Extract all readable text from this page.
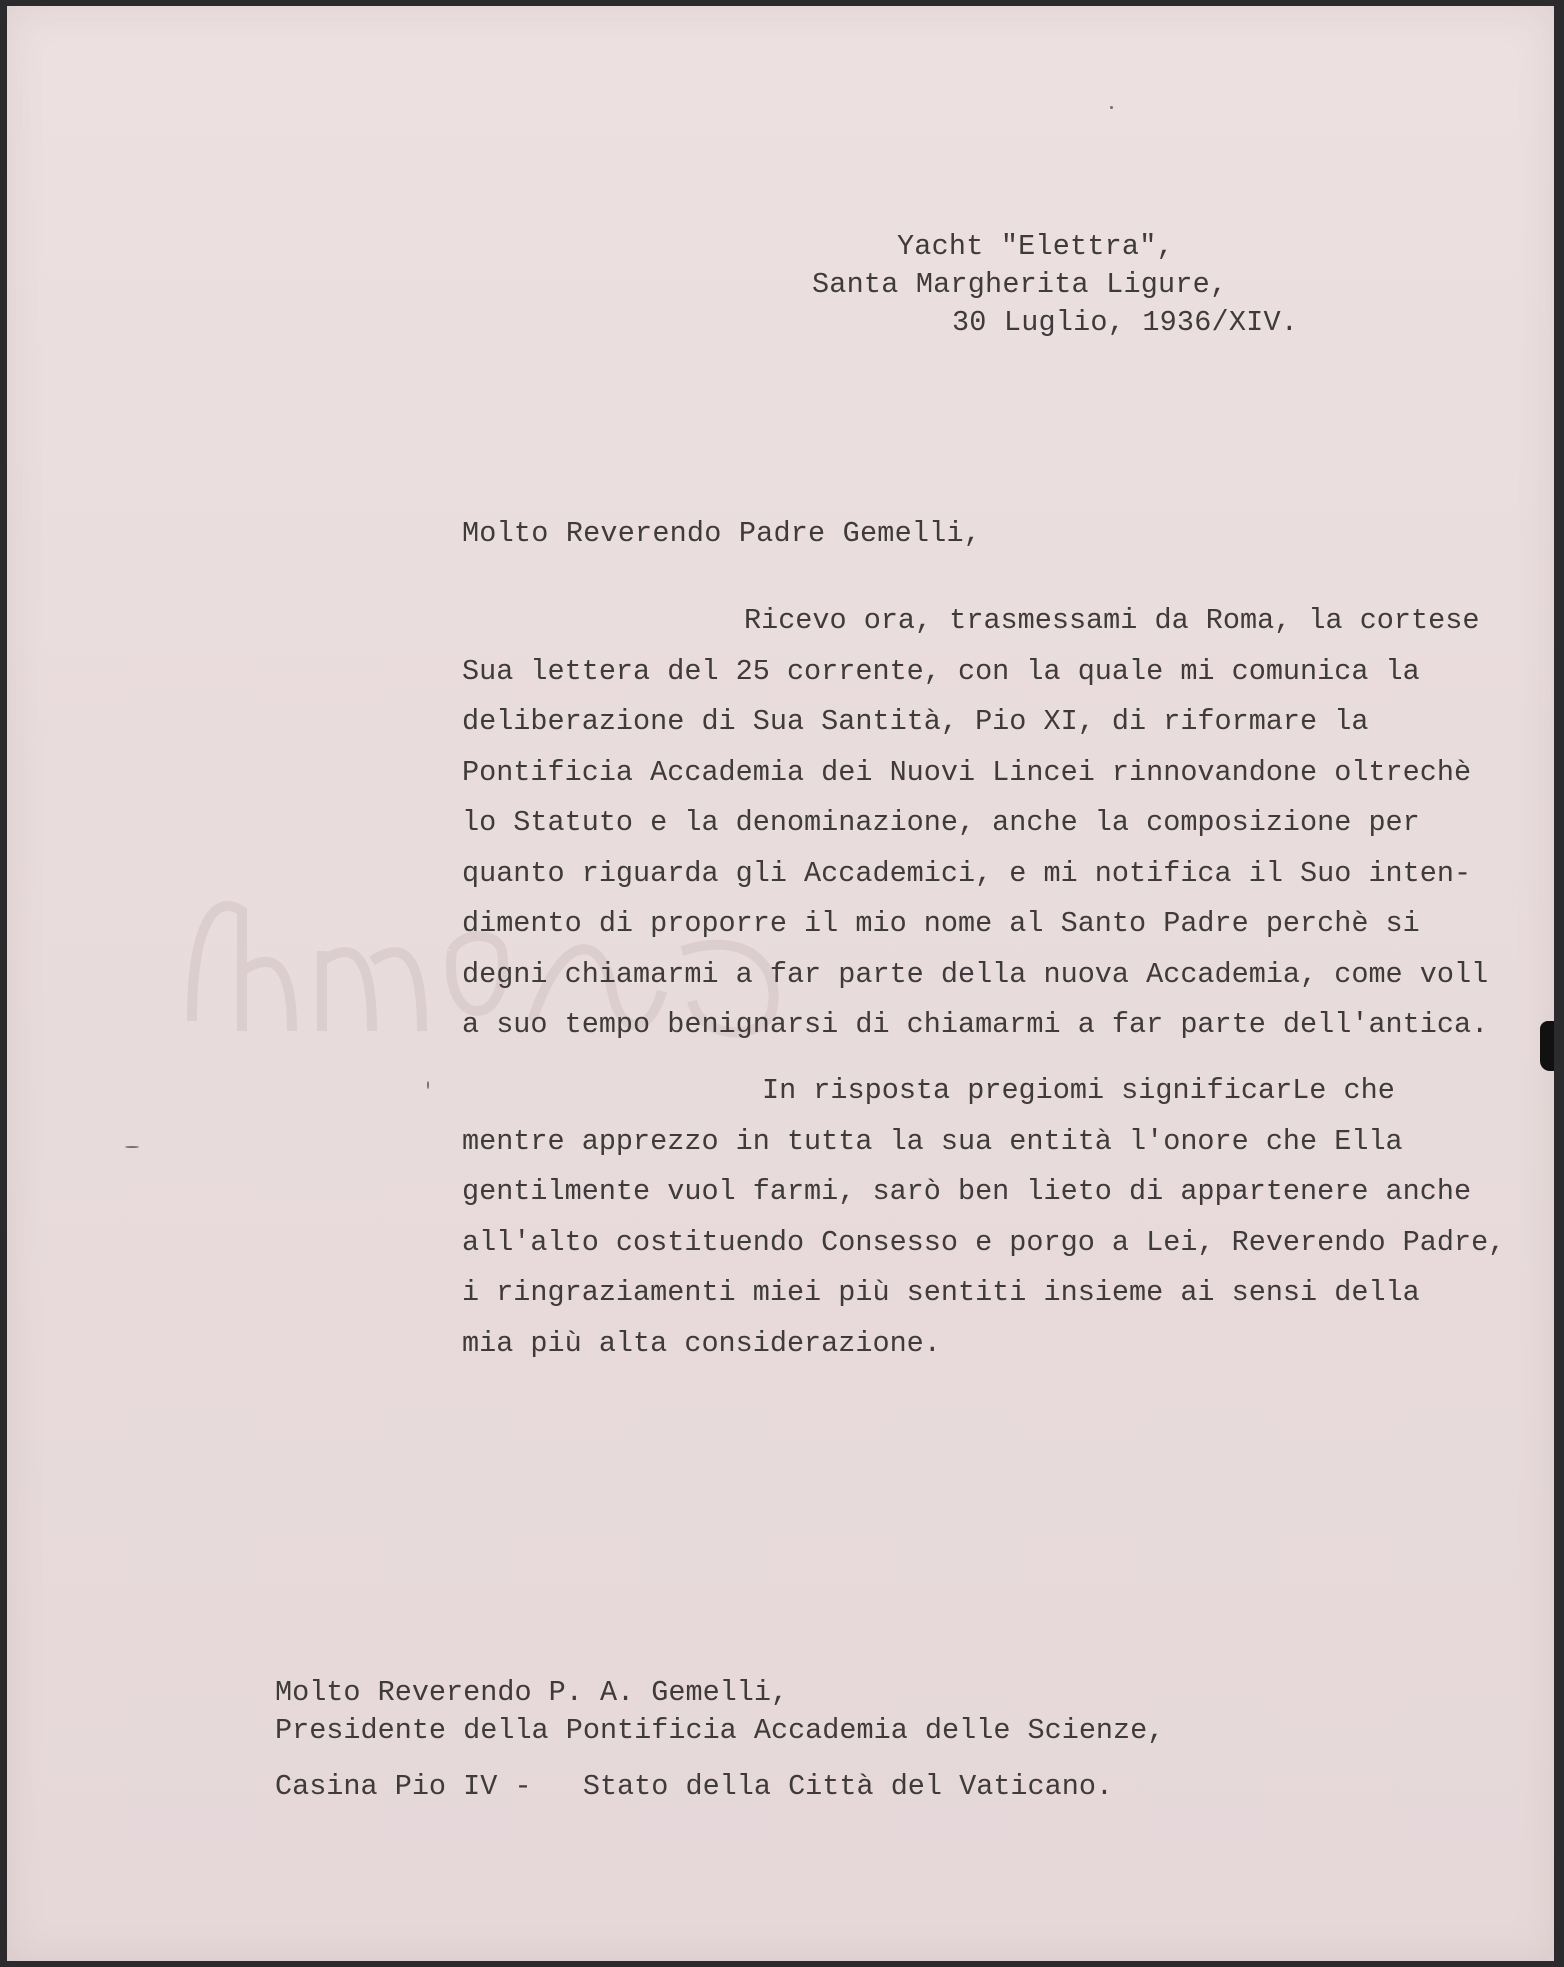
Yacht "Elettra",
Santa Margherita Ligure,
30 Luglio, 1936/XIV.
Molto Reverendo Padre Gemelli,
Ricevo ora, trasmessami da Roma, la cortese
Sua lettera del 25 corrente, con la quale mi comunica la
deliberazione di Sua Santità, Pio XI, di riformare la
Pontificia Accademia dei Nuovi Lincei rinnovandone oltrechè
lo Statuto e la denominazione, anche la composizione per
quanto riguarda gli Accademici, e mi notifica il Suo inten-
dimento di proporre il mio nome al Santo Padre perchè si
degni chiamarmi a far parte della nuova Accademia, come voll
a suo tempo benignarsi di chiamarmi a far parte dell'antica.
In risposta pregiomi significarLe che
mentre apprezzo in tutta la sua entità l'onore che Ella
gentilmente vuol farmi, sarò ben lieto di appartenere anche
all'alto costituendo Consesso e porgo a Lei, Reverendo Padre,
i ringraziamenti miei più sentiti insieme ai sensi della
mia più alta considerazione.
Molto Reverendo P. A. Gemelli,
Presidente della Pontificia Accademia delle Scienze,
Casina Pio IV -   Stato della Città del Vaticano.
